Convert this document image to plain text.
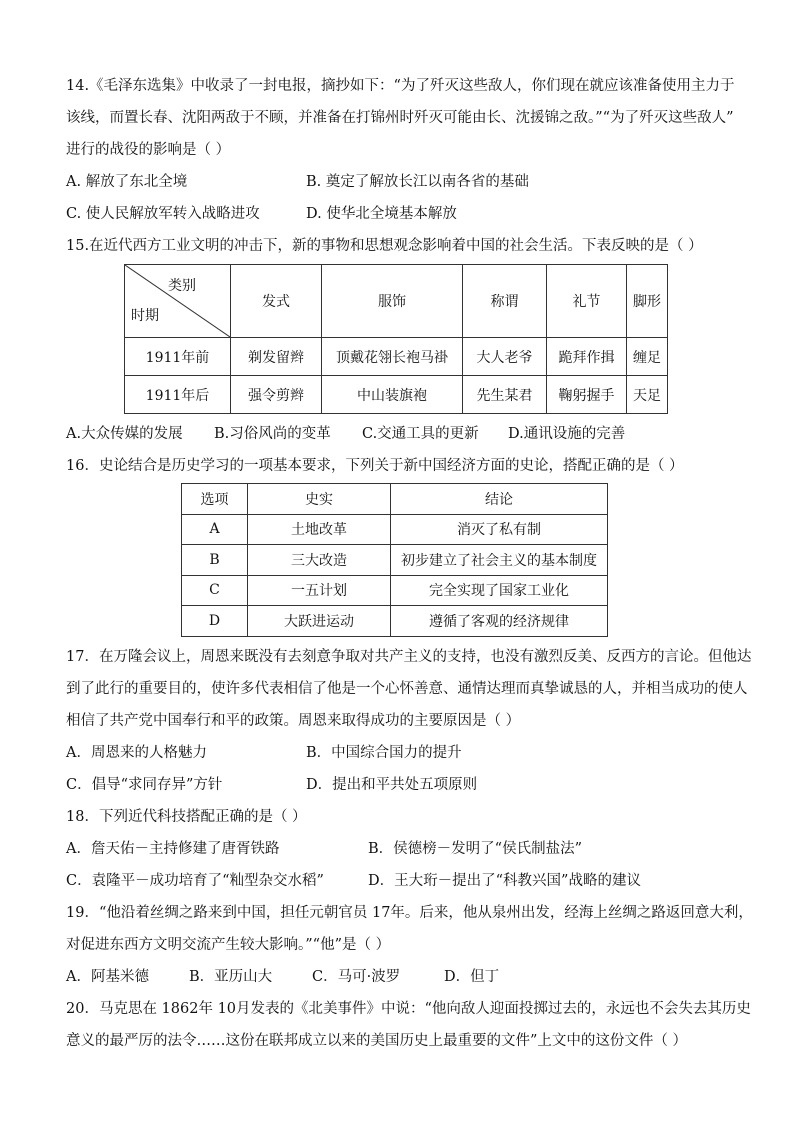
14.《毛泽东选集》中收录了一封电报，摘抄如下：“为了歼灭这些敌人，你们现在就应该准备使用主力于
该线，而置长春、沈阳两敌于不顾，并准备在打锦州时歼灭可能由长、沈援锦之敌。”“为了歼灭这些敌人”
进行的战役的影响是（ ）
A. 解放了东北全境	B. 奠定了解放长江以南各省的基础
C. 使人民解放军转入战略进攻	D. 使华北全境基本解放
15.在近代西方工业文明的冲击下，新的事物和思想观念影响着中国的社会生活。下表反映的是（ ）
类别
时期	发式	服饰	称谓	礼节	脚形
1911年前	剃发留辫	顶戴花翎长袍马褂	大人老爷	跪拜作揖	缠足
1911年后	强令剪辫	中山装旗袍	先生某君	鞠躬握手	天足
A.大众传媒的发展	B.习俗风尚的变革	C.交通工具的更新	D.通讯设施的完善
16．史论结合是历史学习的一项基本要求，下列关于新中国经济方面的史论，搭配正确的是（ ）
选项	史实	结论
A	土地改革	消灭了私有制
B	三大改造	初步建立了社会主义的基本制度
C	一五计划	完全实现了国家工业化
D	大跃进运动	遵循了客观的经济规律
17．在万隆会议上，周恩来既没有去刻意争取对共产主义的支持，也没有激烈反美、反西方的言论。但他达
到了此行的重要目的，使许多代表相信了他是一个心怀善意、通情达理而真挚诚恳的人，并相当成功的使人
相信了共产党中国奉行和平的政策。周恩来取得成功的主要原因是（ ）
A．周恩来的人格魅力	B．中国综合国力的提升
C．倡导“求同存异”方针	D．提出和平共处五项原则
18．下列近代科技搭配正确的是（ ）
A．詹天佑－主持修建了唐胥铁路	B．侯德榜－发明了“侯氏制盐法”
C．袁隆平－成功培育了“籼型杂交水稻”	D．王大珩－提出了“科教兴国”战略的建议
19．“他沿着丝绸之路来到中国，担任元朝官员 17年。后来，他从泉州出发，经海上丝绸之路返回意大利，
对促进东西方文明交流产生较大影响。”“他”是（ ）
A．阿基米德	B．亚历山大	C．马可·波罗	D．但丁
20．马克思在 1862年 10月发表的《北美事件》中说：“他向敌人迎面投掷过去的，永远也不会失去其历史
意义的最严厉的法令……这份在联邦成立以来的美国历史上最重要的文件”上文中的这份文件（ ）
